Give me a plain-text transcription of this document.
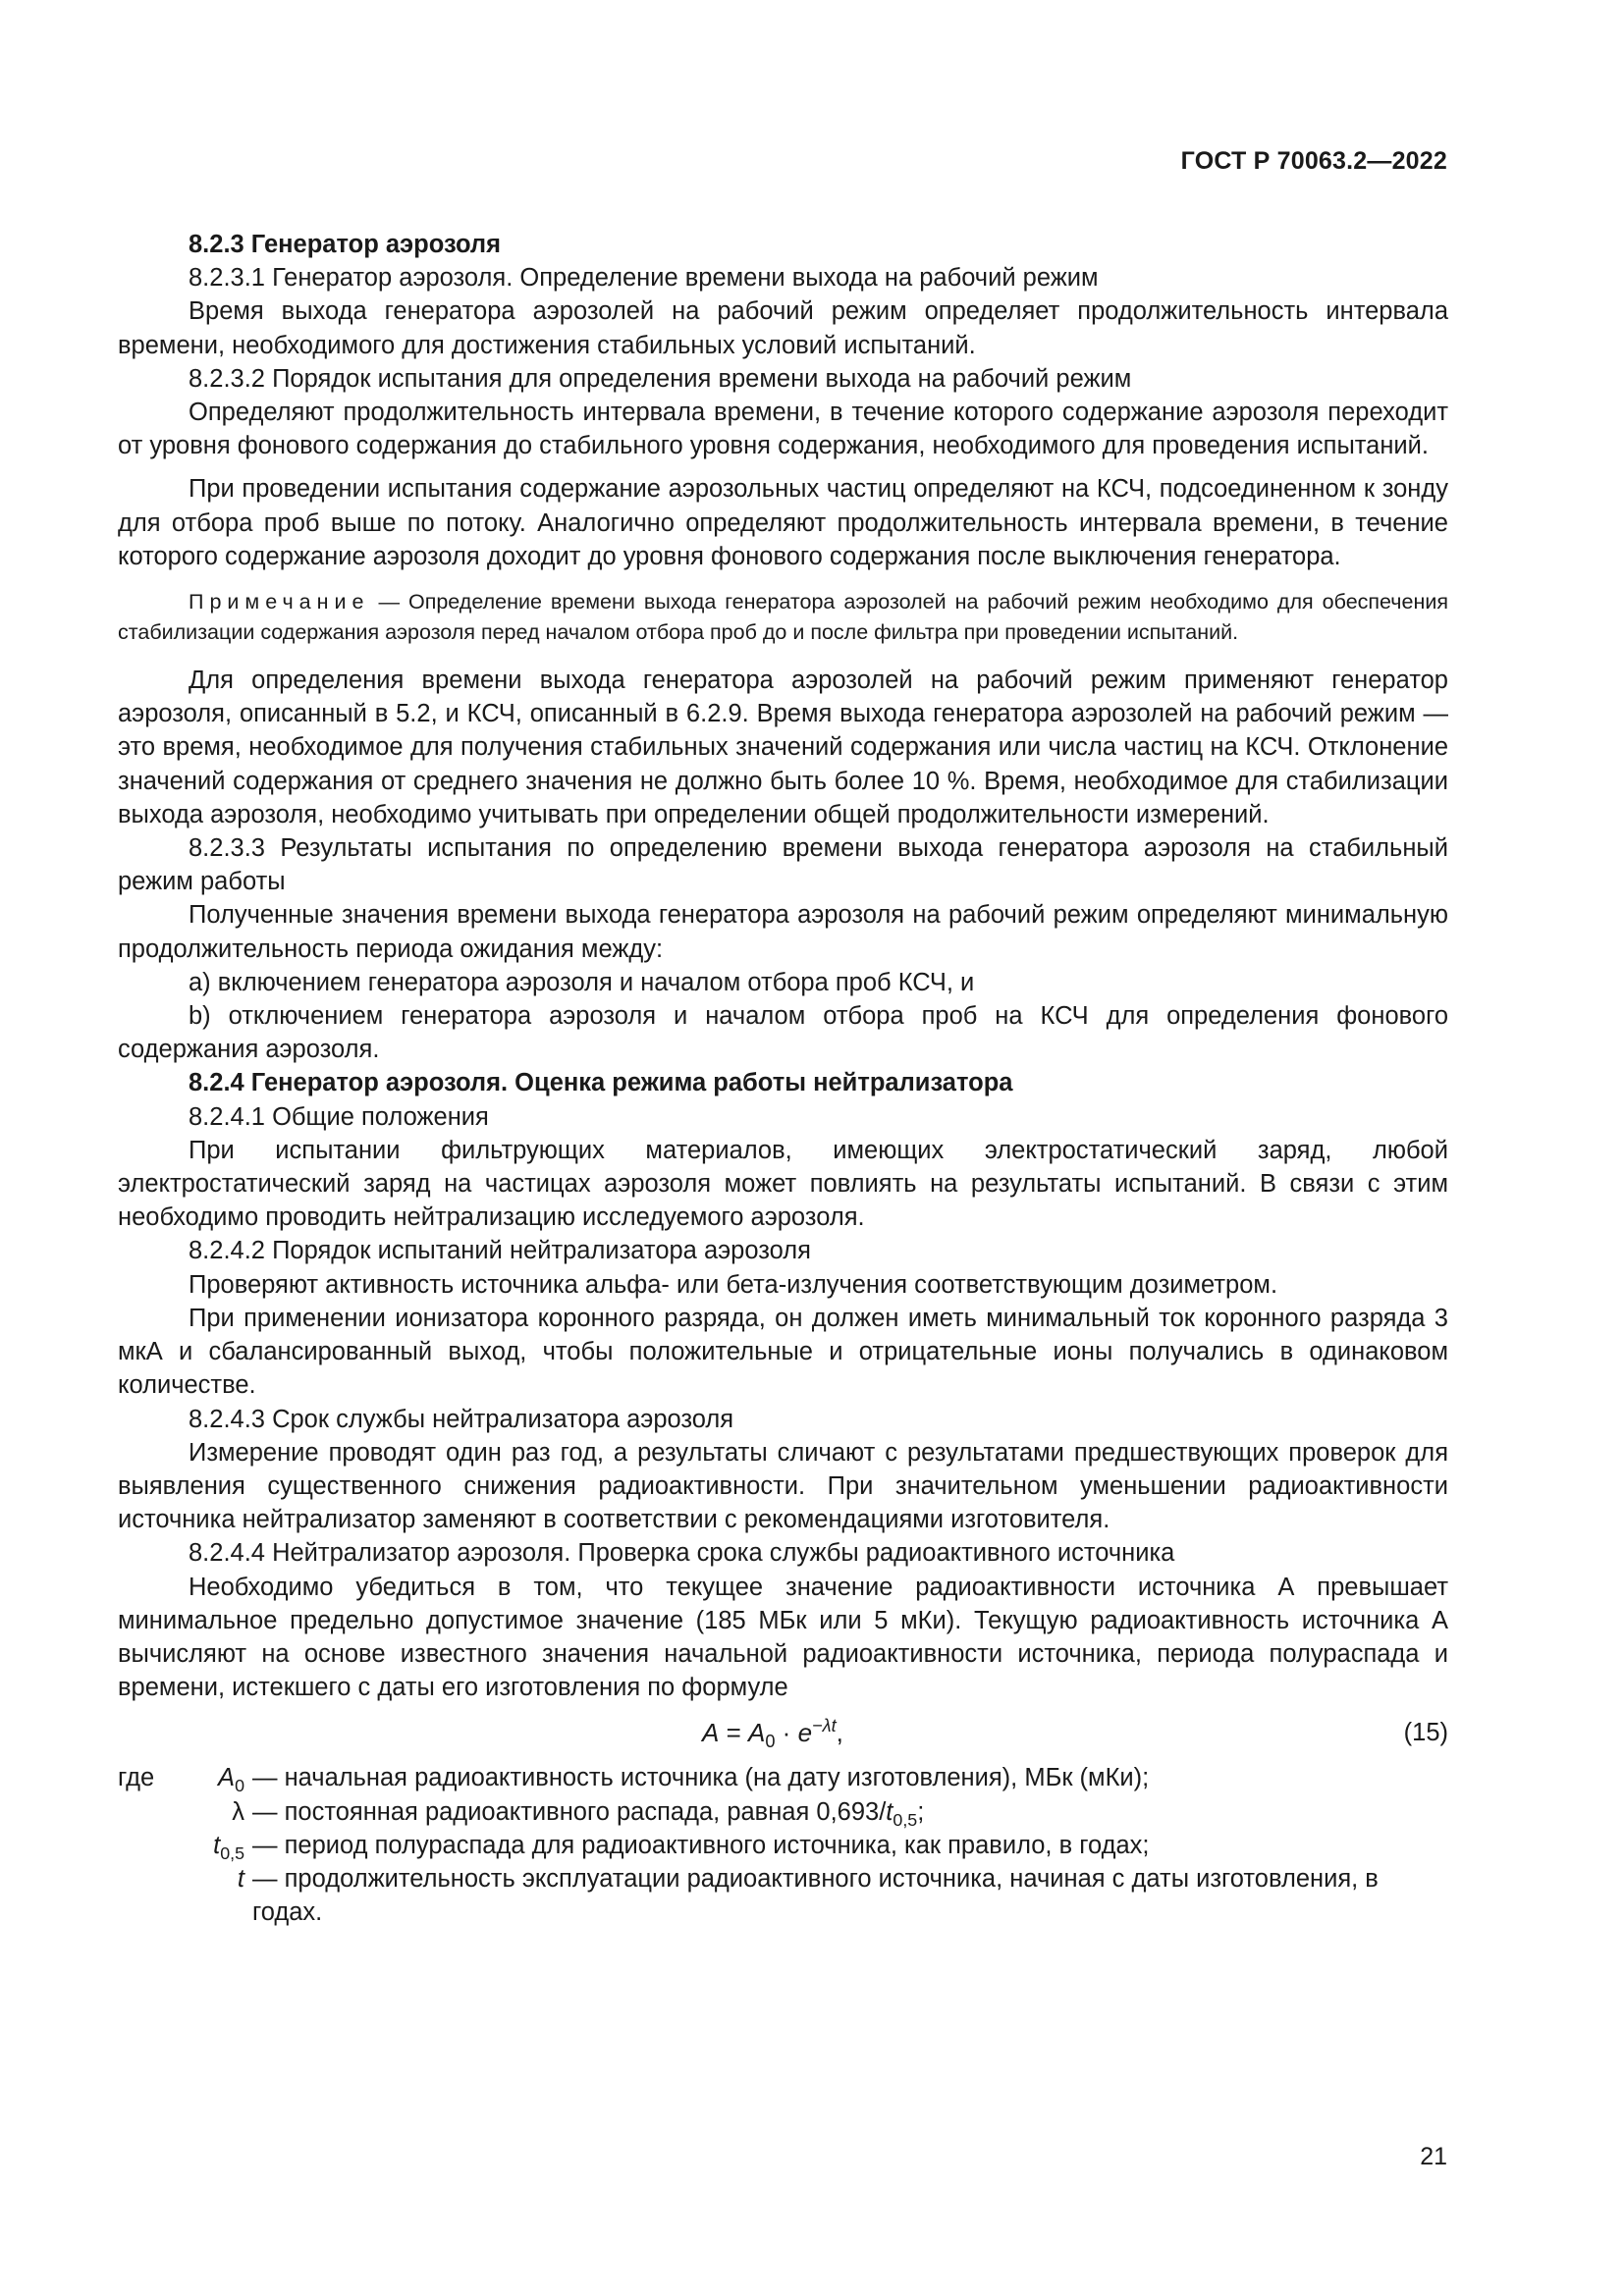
ГОСТ Р 70063.2—2022

8.2.3 Генератор аэрозоля

8.2.3.1 Генератор аэрозоля. Определение времени выхода на рабочий режим

Время выхода генератора аэрозолей на рабочий режим определяет продолжительность интервала времени, необходимого для достижения стабильных условий испытаний.

8.2.3.2 Порядок испытания для определения времени выхода на рабочий режим

Определяют продолжительность интервала времени, в течение которого содержание аэрозоля переходит от уровня фонового содержания до стабильного уровня содержания, необходимого для проведения испытаний.

При проведении испытания содержание аэрозольных частиц определяют на КСЧ, подсоединенном к зонду для отбора проб выше по потоку. Аналогично определяют продолжительность интервала времени, в течение которого содержание аэрозоля доходит до уровня фонового содержания после выключения генератора.

Примечание — Определение времени выхода генератора аэрозолей на рабочий режим необходимо для обеспечения стабилизации содержания аэрозоля перед началом отбора проб до и после фильтра при проведении испытаний.

Для определения времени выхода генератора аэрозолей на рабочий режим применяют генератор аэрозоля, описанный в 5.2, и КСЧ, описанный в 6.2.9. Время выхода генератора аэрозолей на рабочий режим — это время, необходимое для получения стабильных значений содержания или числа частиц на КСЧ. Отклонение значений содержания от среднего значения не должно быть более 10 %. Время, необходимое для стабилизации выхода аэрозоля, необходимо учитывать при определении общей продолжительности измерений.

8.2.3.3 Результаты испытания по определению времени выхода генератора аэрозоля на стабильный режим работы

Полученные значения времени выхода генератора аэрозоля на рабочий режим определяют минимальную продолжительность периода ожидания между:

a) включением генератора аэрозоля и началом отбора проб КСЧ, и

b) отключением генератора аэрозоля и началом отбора проб на КСЧ для определения фонового содержания аэрозоля.

8.2.4 Генератор аэрозоля. Оценка режима работы нейтрализатора

8.2.4.1 Общие положения

При испытании фильтрующих материалов, имеющих электростатический заряд, любой электростатический заряд на частицах аэрозоля может повлиять на результаты испытаний. В связи с этим необходимо проводить нейтрализацию исследуемого аэрозоля.

8.2.4.2 Порядок испытаний нейтрализатора аэрозоля

Проверяют активность источника альфа- или бета-излучения соответствующим дозиметром.

При применении ионизатора коронного разряда, он должен иметь минимальный ток коронного разряда 3 мкА и сбалансированный выход, чтобы положительные и отрицательные ионы получались в одинаковом количестве.

8.2.4.3 Срок службы нейтрализатора аэрозоля

Измерение проводят один раз год, а результаты сличают с результатами предшествующих проверок для выявления существенного снижения радиоактивности. При значительном уменьшении радиоактивности источника нейтрализатор заменяют в соответствии с рекомендациями изготовителя.

8.2.4.4 Нейтрализатор аэрозоля. Проверка срока службы радиоактивного источника

Необходимо убедиться в том, что текущее значение радиоактивности источника А превышает минимальное предельно допустимое значение (185 МБк или 5 мКи). Текущую радиоактивность источника А вычисляют на основе известного значения начальной радиоактивности источника, периода полураспада и времени, истекшего с даты его изготовления по формуле

$A = A_0 \cdot e^{-\lambda t}$,	(15)
где	$A_0$ — начальная радиоактивность источника (на дату изготовления), МБк (мКи);
λ — постоянная радиоактивного распада, равная $0,693/t_{0,5}$;
$t_{0,5}$ — период полураспада для радиоактивного источника, как правило, в годах;
t — продолжительность эксплуатации радиоактивного источника, начиная с даты изготовления, в годах.
21
